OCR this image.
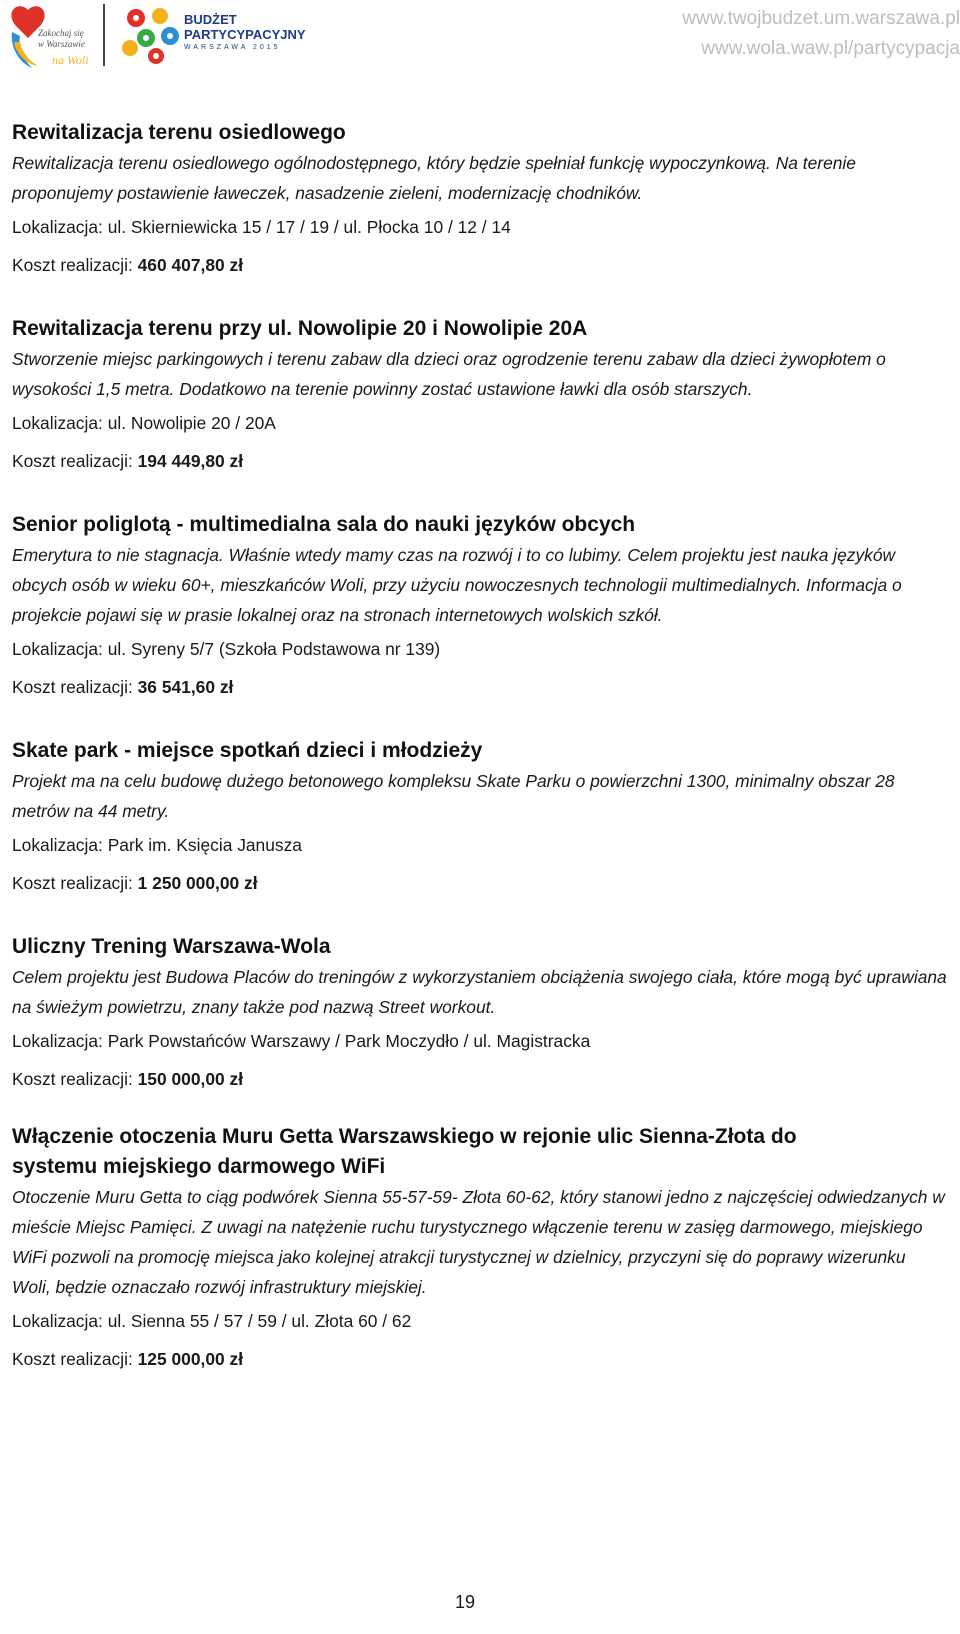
Zakochaj się
w Warszawie
na Woli
BUDŻET
PARTYCYPACYJNY
WARSZAWA 2015
www.twojbudzet.um.warszawa.pl
www.wola.waw.pl/partycypacja

Rewitalizacja terenu osiedlowego

Rewitalizacja terenu osiedlowego ogólnodostępnego, który będzie spełniał funkcję wypoczynkową. Na terenie proponujemy postawienie ławeczek, nasadzenie zieleni, modernizację chodników.

Lokalizacja: ul. Skierniewicka 15 / 17 / 19 / ul. Płocka 10 / 12 / 14

Koszt realizacji: 460 407,80 zł

Rewitalizacja terenu przy ul. Nowolipie 20 i Nowolipie 20A

Stworzenie miejsc parkingowych i terenu zabaw dla dzieci oraz ogrodzenie terenu zabaw dla dzieci żywopłotem o wysokości 1,5 metra. Dodatkowo na terenie powinny zostać ustawione ławki dla osób starszych.

Lokalizacja: ul. Nowolipie 20 / 20A

Koszt realizacji: 194 449,80 zł

Senior poliglotą - multimedialna sala do nauki języków obcych

Emerytura to nie stagnacja. Właśnie wtedy mamy czas na rozwój i to co lubimy. Celem projektu jest nauka języków obcych osób w wieku 60+, mieszkańców Woli, przy użyciu nowoczesnych technologii multimedialnych. Informacja o projekcie pojawi się w prasie lokalnej oraz na stronach internetowych wolskich szkół.

Lokalizacja: ul. Syreny 5/7 (Szkoła Podstawowa nr 139)

Koszt realizacji: 36 541,60 zł

Skate park - miejsce spotkań dzieci i młodzieży

Projekt ma na celu budowę dużego betonowego kompleksu Skate Parku o powierzchni 1300, minimalny obszar 28 metrów na 44 metry.

Lokalizacja: Park im. Księcia Janusza

Koszt realizacji: 1 250 000,00 zł

Uliczny Trening Warszawa-Wola

Celem projektu jest Budowa Placów do treningów z wykorzystaniem obciążenia swojego ciała, które mogą być uprawiana na świeżym powietrzu, znany także pod nazwą Street workout.

Lokalizacja: Park Powstańców Warszawy / Park Moczydło / ul. Magistracka

Koszt realizacji: 150 000,00 zł

Włączenie otoczenia Muru Getta Warszawskiego w rejonie ulic Sienna-Złota do systemu miejskiego darmowego WiFi

Otoczenie Muru Getta to ciąg podwórek Sienna 55-57-59- Złota 60-62, który stanowi jedno z najczęściej odwiedzanych w mieście Miejsc Pamięci. Z uwagi na natężenie ruchu turystycznego włączenie terenu w zasięg darmowego, miejskiego WiFi pozwoli na promocję miejsca jako kolejnej atrakcji turystycznej w dzielnicy, przyczyni się do poprawy wizerunku Woli, będzie oznaczało rozwój infrastruktury miejskiej.

Lokalizacja: ul. Sienna 55 / 57 / 59 / ul. Złota 60 / 62

Koszt realizacji: 125 000,00 zł

19
